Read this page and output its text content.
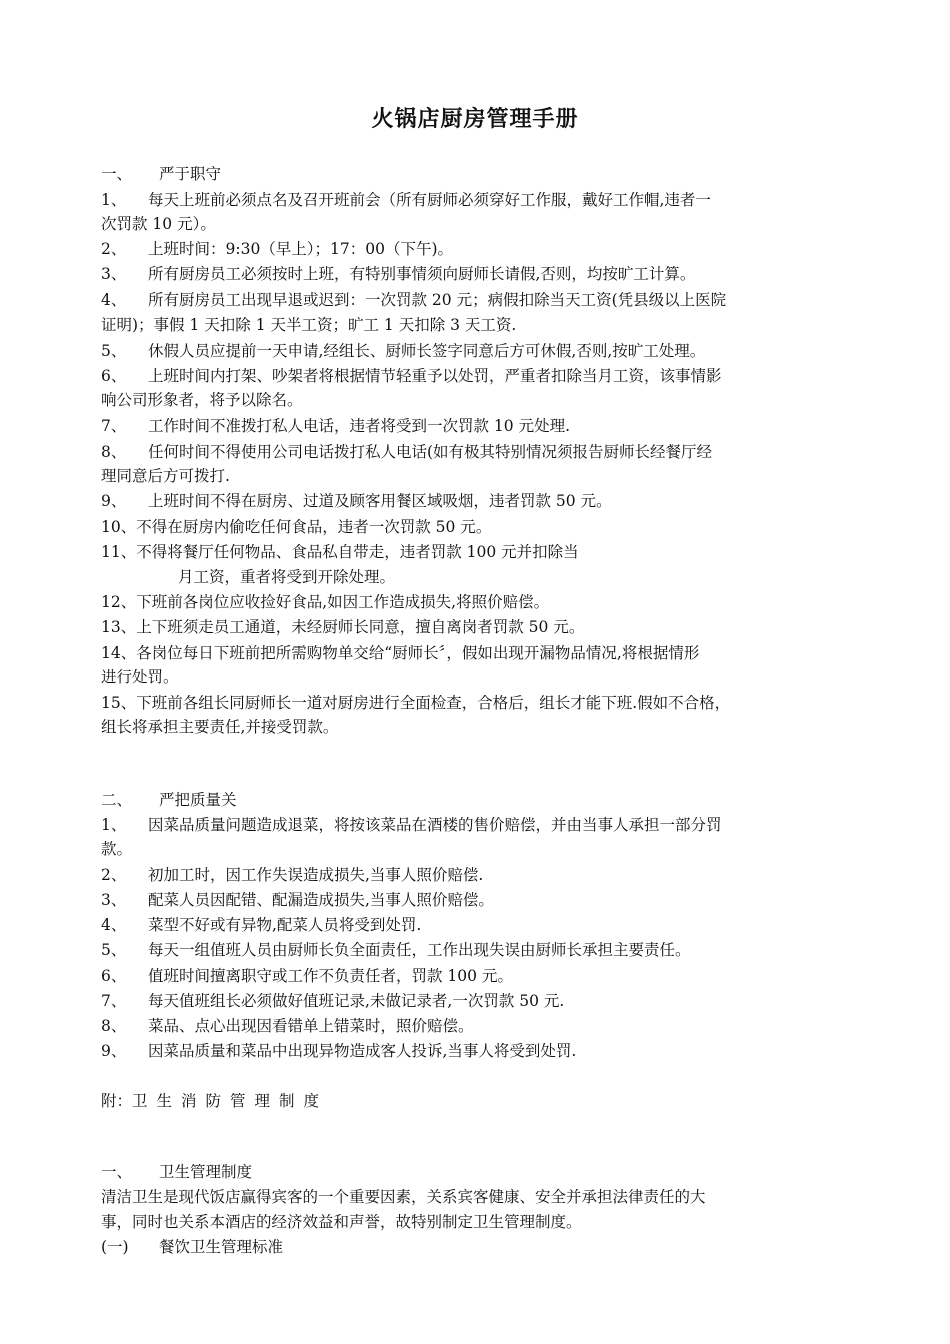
火锅店厨房管理手册
一、 严于职守
1、 每天上班前必须点名及召开班前会（所有厨师必须穿好工作服，戴好工作帽,违者一
次罚款 10 元）。
2、 上班时间：9:30（早上）；17：00（下午)。
3、 所有厨房员工必须按时上班，有特别事情须向厨师长请假,否则，均按旷工计算。
4、 所有厨房员工出现早退或迟到：一次罚款 20 元；病假扣除当天工资(凭县级以上医院
证明)；事假 1 天扣除 1 天半工资；旷工 1 天扣除 3 天工资.
5、 休假人员应提前一天申请,经组长、厨师长签字同意后方可休假,否则,按旷工处理。
6、 上班时间内打架、吵架者将根据情节轻重予以处罚，严重者扣除当月工资，该事情影
响公司形象者，将予以除名。
7、 工作时间不准拨打私人电话，违者将受到一次罚款 10 元处理.
8、 任何时间不得使用公司电话拨打私人电话(如有极其特别情况须报告厨师长经餐厅经
理同意后方可拨打.
9、 上班时间不得在厨房、过道及顾客用餐区域吸烟，违者罚款 50 元。
10、不得在厨房内偷吃任何食品，违者一次罚款 50 元。
11、不得将餐厅任何物品、食品私自带走，违者罚款 100 元并扣除当
月工资，重者将受到开除处理。
12、下班前各岗位应收捡好食品,如因工作造成损失,将照价赔偿。
13、上下班须走员工通道，未经厨师长同意，擅自离岗者罚款 50 元。
14、各岗位每日下班前把所需购物单交给“厨师长〞，假如出现开漏物品情况,将根据情形
进行处罚。
15、下班前各组长同厨师长一道对厨房进行全面检查，合格后，组长才能下班.假如不合格，
组长将承担主要责任,并接受罚款。
二、 严把质量关
1、 因菜品质量问题造成退菜，将按该菜品在酒楼的售价赔偿，并由当事人承担一部分罚
款。
2、 初加工时，因工作失误造成损失,当事人照价赔偿.
3、 配菜人员因配错、配漏造成损失,当事人照价赔偿。
4、 菜型不好或有异物,配菜人员将受到处罚.
5、 每天一组值班人员由厨师长负全面责任，工作出现失误由厨师长承担主要责任。
6、 值班时间擅离职守或工作不负责任者，罚款 100 元。
7、 每天值班组长必须做好值班记录,未做记录者,一次罚款 50 元.
8、 菜品、点心出现因看错单上错菜时，照价赔偿。
9、 因菜品质量和菜品中出现异物造成客人投诉,当事人将受到处罚.
附：卫生消防管理制度
一、 卫生管理制度
清洁卫生是现代饭店赢得宾客的一个重要因素，关系宾客健康、安全并承担法律责任的大
事，同时也关系本酒店的经济效益和声誉，故特别制定卫生管理制度。
(一) 餐饮卫生管理标准
